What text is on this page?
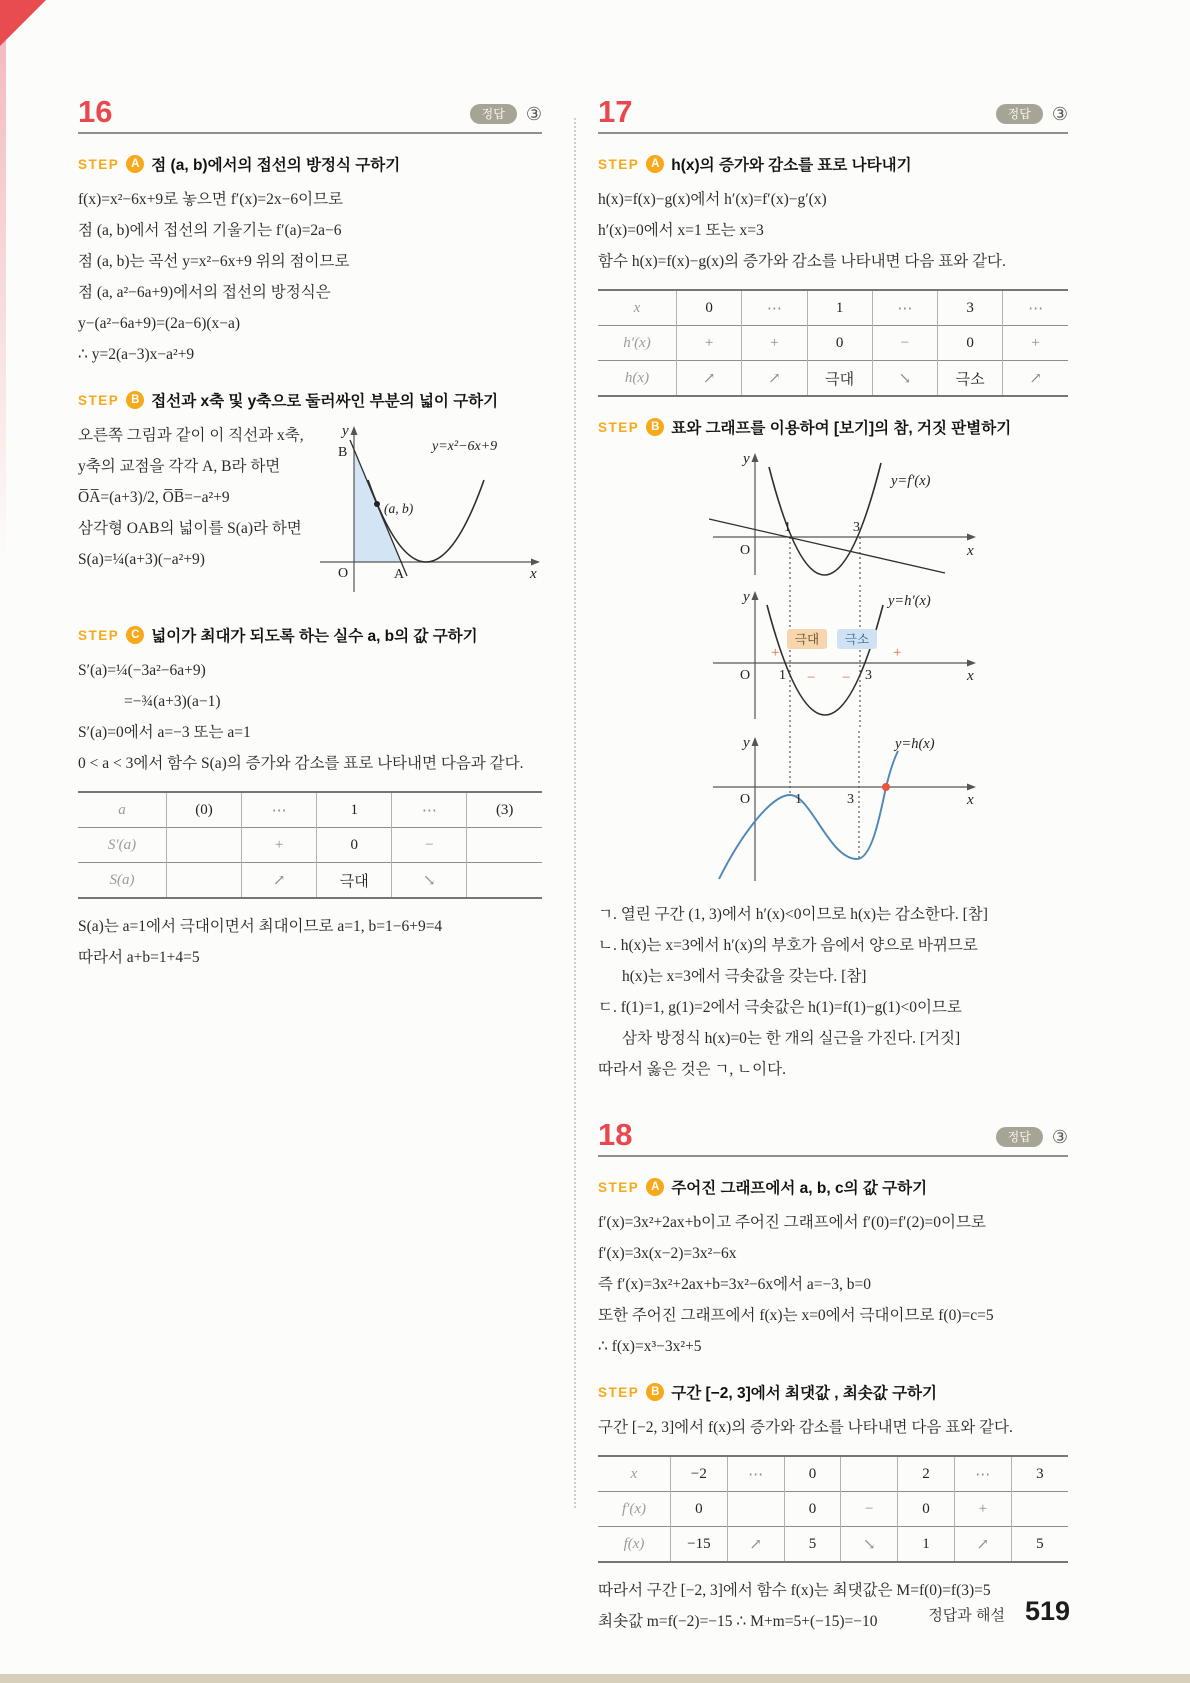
16	정답	③
STEP	A 점 (a, b)에서의 접선의 방정식 구하기

f(x)=x²−6x+9로 놓으면 f′(x)=2x−6이므로

점 (a, b)에서 접선의 기울기는 f′(a)=2a−6

점 (a, b)는 곡선 y=x²−6x+9 위의 점이므로

점 (a, a²−6a+9)에서의 접선의 방정식은

y−(a²−6a+9)=(2a−6)(x−a)

∴ y=2(a−3)x−a²+9

STEP	B 접선과 x축 및 y축으로 둘러싸인 부분의 넓이 구하기
y
x
O
B
A
(a, b)
y=x²−6x+9

오른쪽 그림과 같이 이 직선과 x축,

y축의 교점을 각각 A, B라 하면

O̅A̅=(a+3)/2, O̅B̅=−a²+9

삼각형 OAB의 넓이를 S(a)라 하면

S(a)=¼(a+3)(−a²+9)

STEP	C 넓이가 최대가 되도록 하는 실수 a, b의 값 구하기

S′(a)=¼(−3a²−6a+9)

=−¾(a+3)(a−1)

S′(a)=0에서 a=−3 또는 a=1

0 < a < 3에서 함수 S(a)의 증가와 감소를 표로 나타내면 다음과 같다.

a	(0)	⋯	1	⋯	(3)
S′(a)		+	0	−	
S(a)		↗	극대	↘	

S(a)는 a=1에서 극대이면서 최대이므로 a=1, b=1−6+9=4

따라서 a+b=1+4=5

17	정답	③
STEP	A h(x)의 증가와 감소를 표로 나타내기

h(x)=f(x)−g(x)에서 h′(x)=f′(x)−g′(x)

h′(x)=0에서 x=1 또는 x=3

함수 h(x)=f(x)−g(x)의 증가와 감소를 나타내면 다음 표와 같다.

x	0	⋯	1	⋯	3	⋯
h′(x)	+	+	0	−	0	+
h(x)	↗	↗	극대	↘	극소	↗
STEP	B 표와 그래프를 이용하여 [보기]의 참, 거짓 판별하기
1	3
O	x
y
y=f′(x)
극대 극소
+	+
− −
O 1	3	x
y	y=h′(x)
O	1	3	x
y	y=h(x)

ㄱ. 열린 구간 (1, 3)에서 h′(x)<0이므로 h(x)는 감소한다. [참]

ㄴ. h(x)는 x=3에서 h′(x)의 부호가 음에서 양으로 바뀌므로

h(x)는 x=3에서 극솟값을 갖는다. [참]

ㄷ. f(1)=1, g(1)=2에서 극솟값은 h(1)=f(1)−g(1)<0이므로

삼차 방정식 h(x)=0는 한 개의 실근을 가진다. [거짓]

따라서 옳은 것은 ㄱ, ㄴ이다.

18	정답	③
STEP	A 주어진 그래프에서 a, b, c의 값 구하기

f′(x)=3x²+2ax+b이고 주어진 그래프에서 f′(0)=f′(2)=0이므로

f′(x)=3x(x−2)=3x²−6x

즉 f′(x)=3x²+2ax+b=3x²−6x에서 a=−3, b=0

또한 주어진 그래프에서 f(x)는 x=0에서 극대이므로 f(0)=c=5

∴ f(x)=x³−3x²+5

STEP	B 구간 [−2, 3]에서 최댓값 , 최솟값 구하기

구간 [−2, 3]에서 f(x)의 증가와 감소를 나타내면 다음 표와 같다.

x	−2	⋯	0		2	⋯	3
f′(x)	0		0	−	0	+	
f(x)	−15	↗	5	↘	1	↗	5

따라서 구간 [−2, 3]에서 함수 f(x)는 최댓값은 M=f(0)=f(3)=5

최솟값 m=f(−2)=−15 ∴ M+m=5+(−15)=−10	정답과 해설 519
